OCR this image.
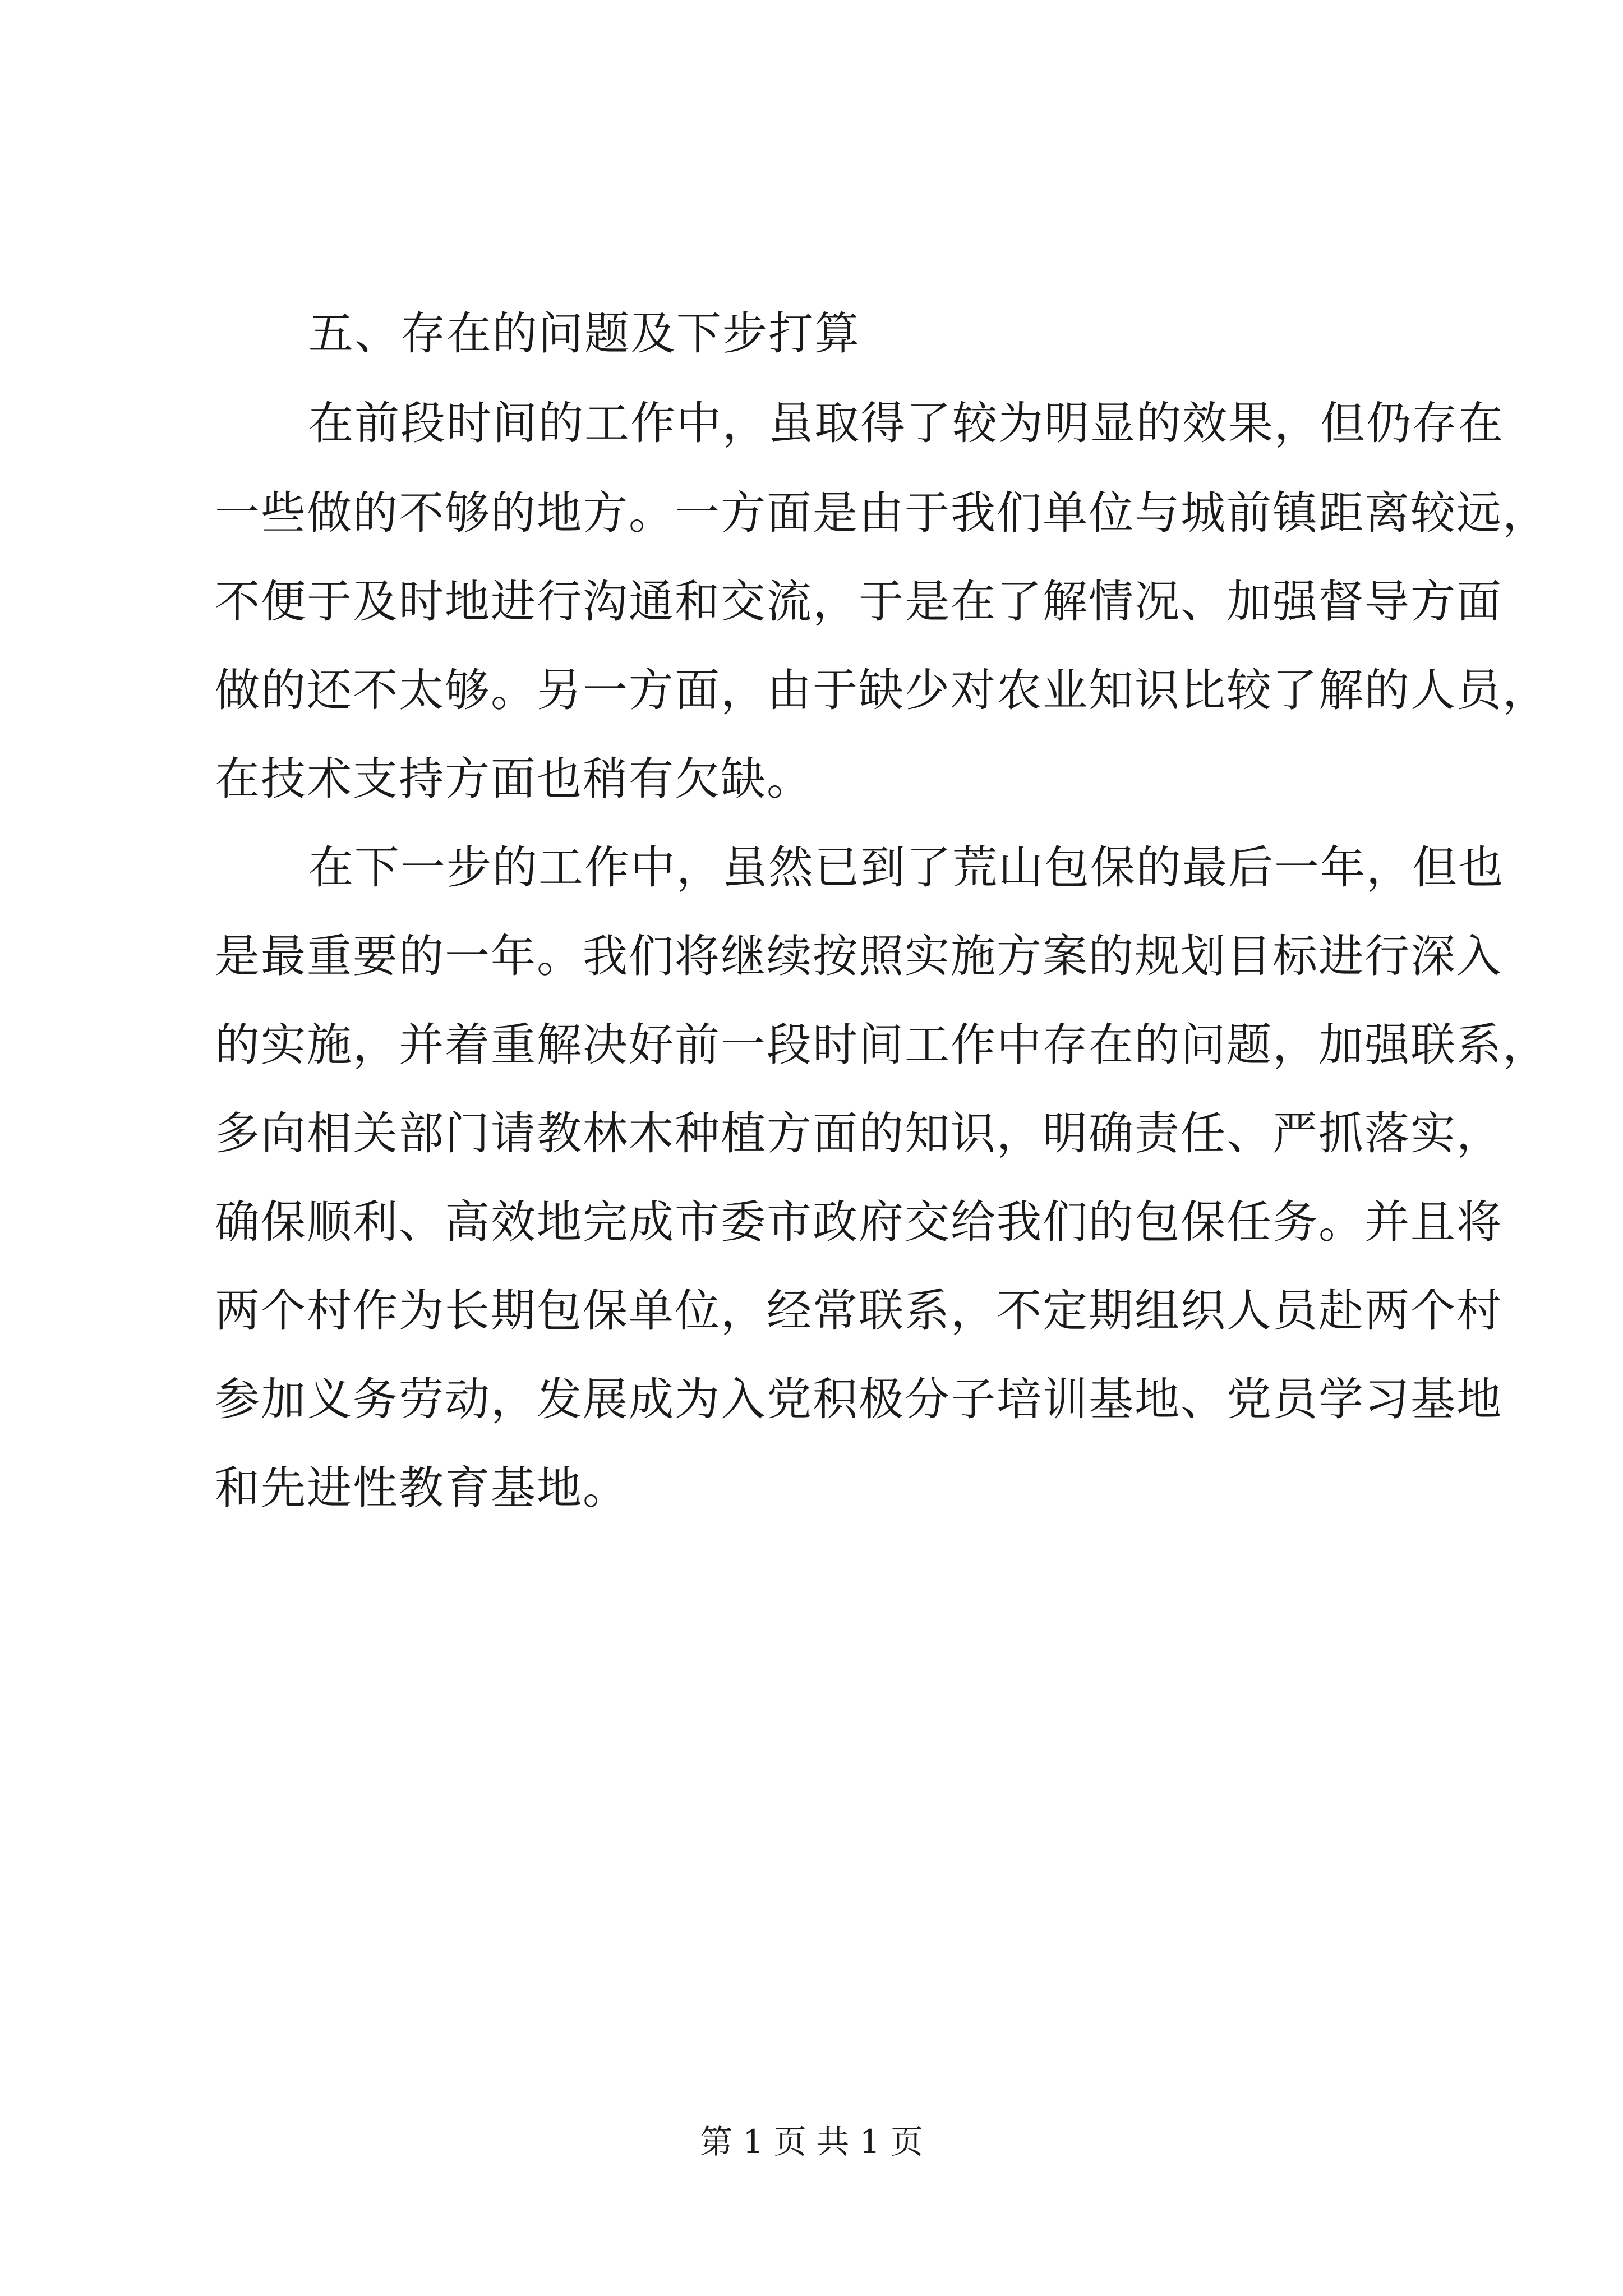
五、存在的问题及下步打算
在前段时间的工作中，虽取得了较为明显的效果，但仍存在
一些做的不够的地方。一方面是由于我们单位与城前镇距离较远，
不便于及时地进行沟通和交流，于是在了解情况、加强督导方面
做的还不太够。另一方面，由于缺少对农业知识比较了解的人员，
在技术支持方面也稍有欠缺。
在下一步的工作中，虽然已到了荒山包保的最后一年，但也
是最重要的一年。我们将继续按照实施方案的规划目标进行深入
的实施，并着重解决好前一段时间工作中存在的问题，加强联系，
多向相关部门请教林木种植方面的知识，明确责任、严抓落实，
确保顺利、高效地完成市委市政府交给我们的包保任务。并且将
两个村作为长期包保单位，经常联系，不定期组织人员赴两个村
参加义务劳动，发展成为入党积极分子培训基地、党员学习基地
和先进性教育基地。
第 1 页 共 1 页
